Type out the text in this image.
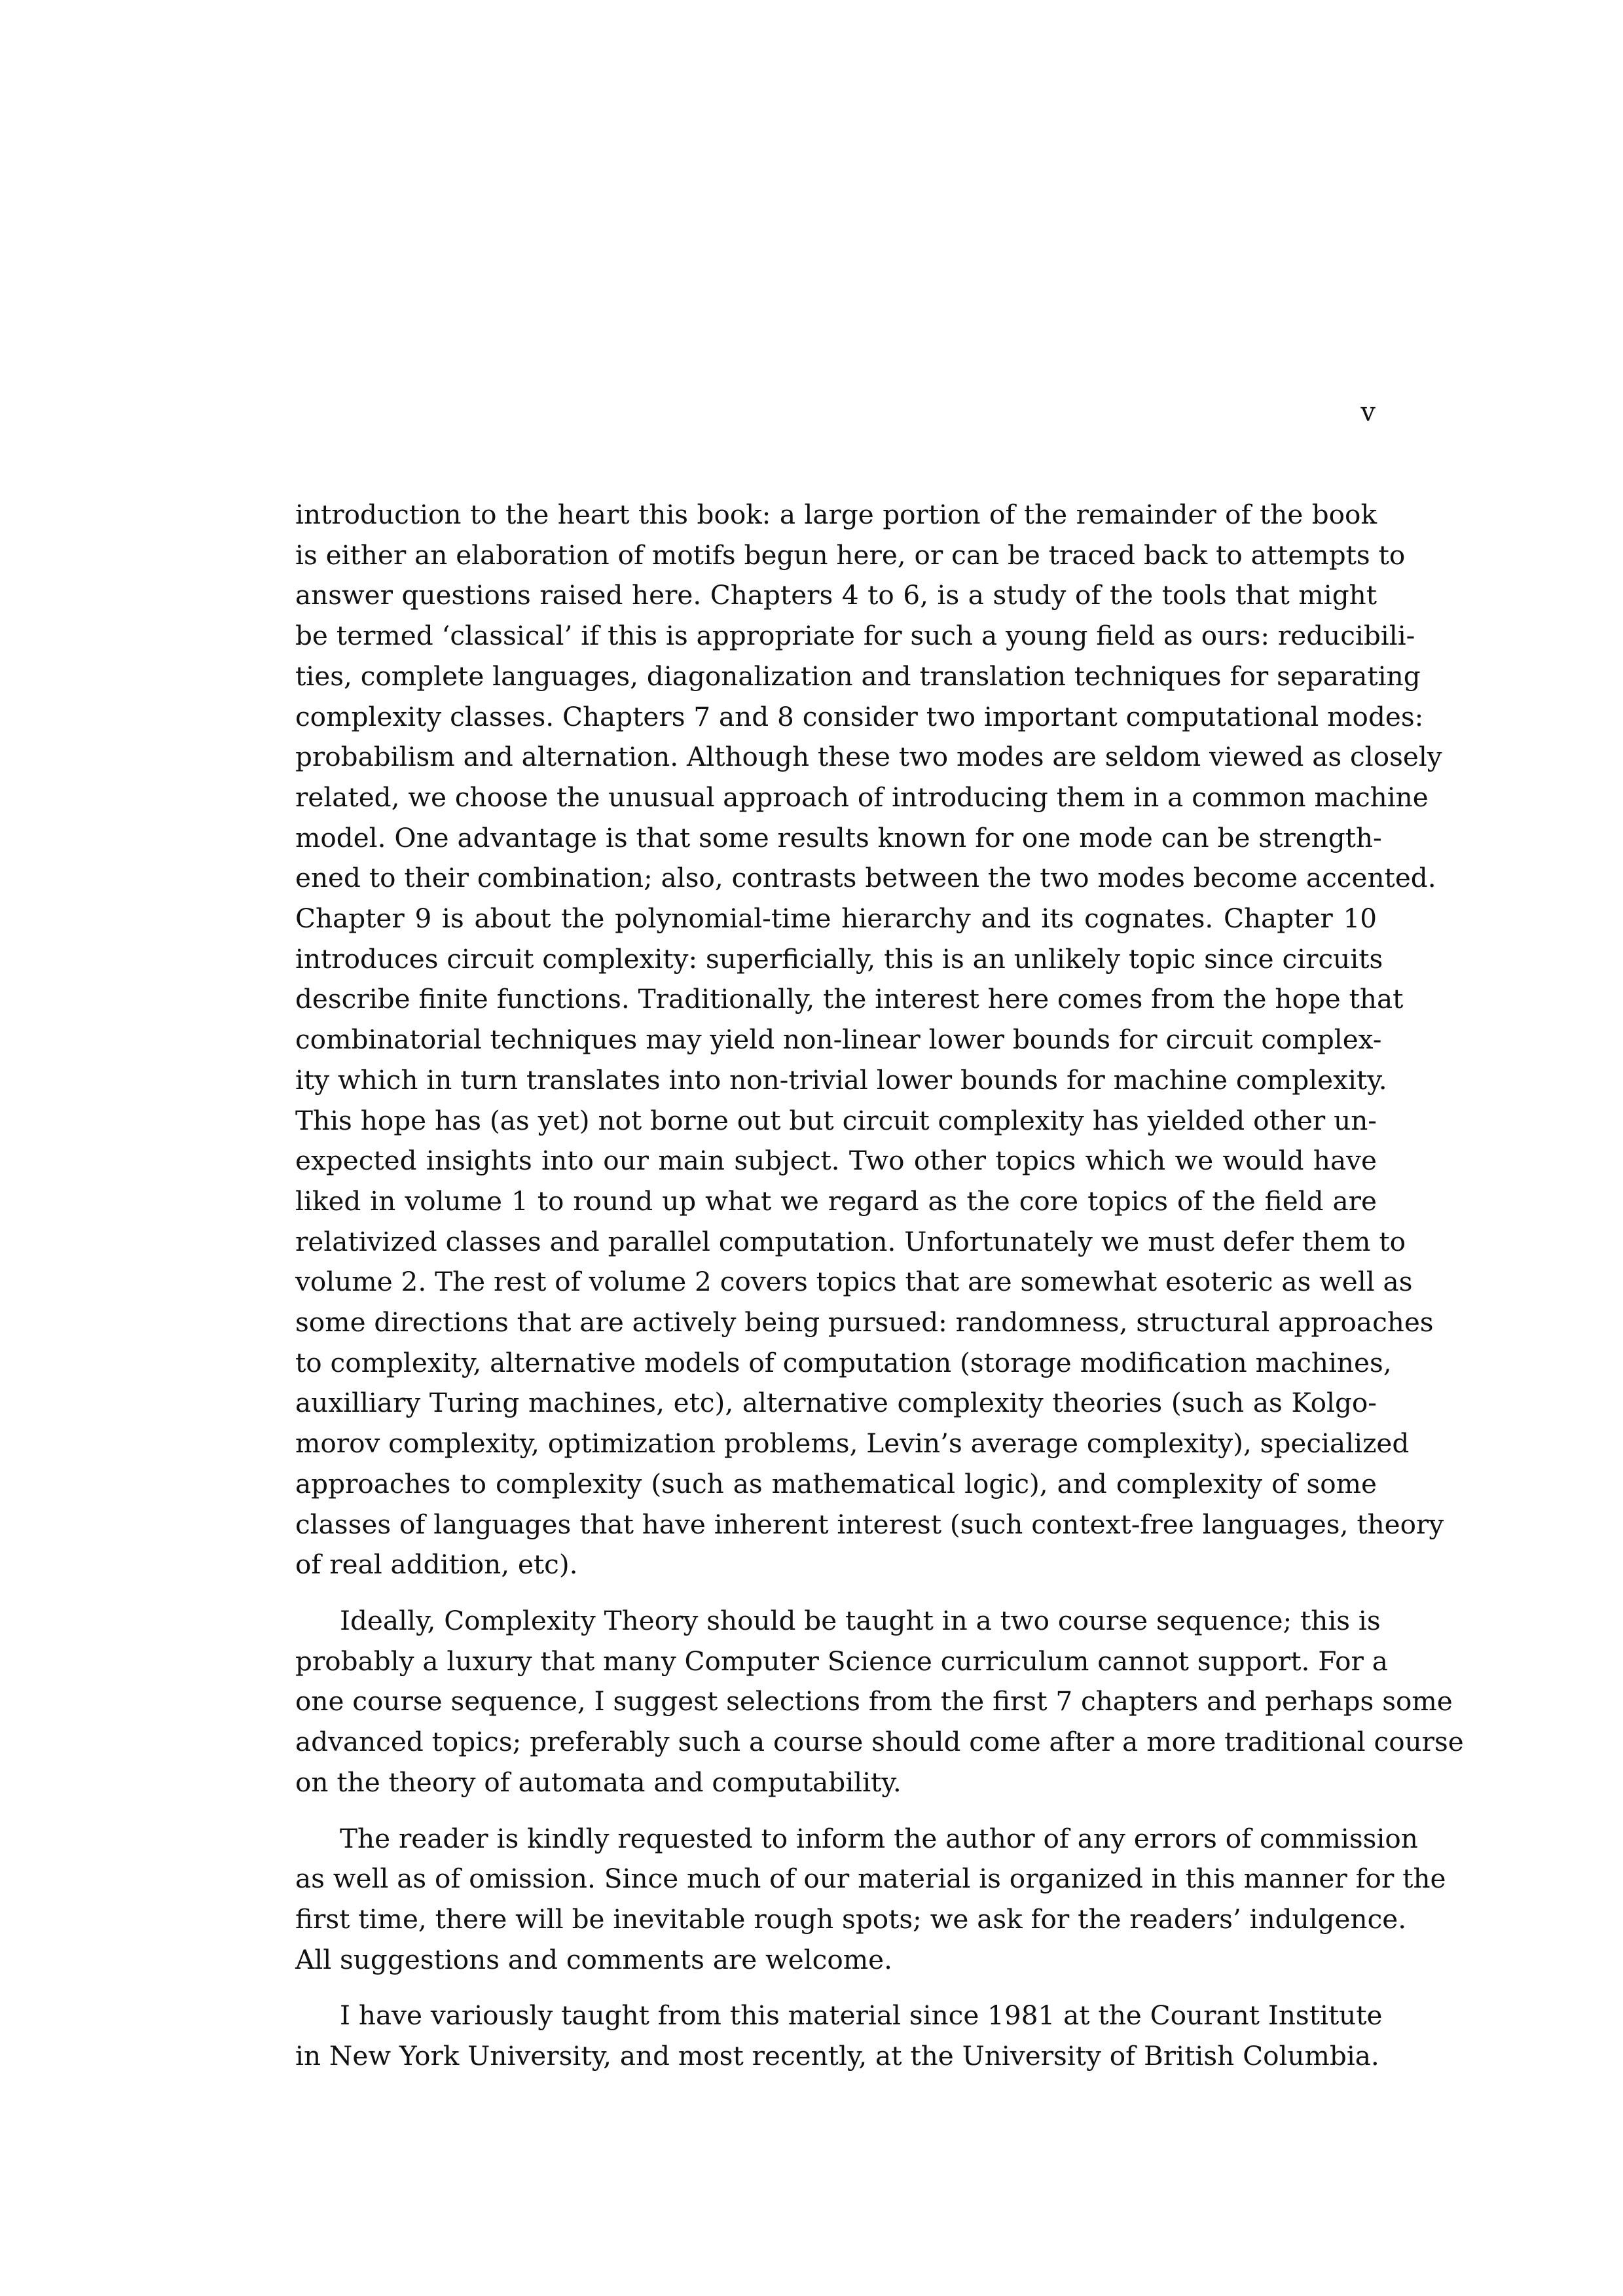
v
introduction to the heart this book: a large portion of the remainder of the book
is either an elaboration of motifs begun here, or can be traced back to attempts to
answer questions raised here. Chapters 4 to 6, is a study of the tools that might
be termed ‘classical’ if this is appropriate for such a young field as ours: reducibili-
ties, complete languages, diagonalization and translation techniques for separating
complexity classes. Chapters 7 and 8 consider two important computational modes:
probabilism and alternation. Although these two modes are seldom viewed as closely
related, we choose the unusual approach of introducing them in a common machine
model. One advantage is that some results known for one mode can be strength-
ened to their combination; also, contrasts between the two modes become accented.
Chapter 9 is about the polynomial-time hierarchy and its cognates. Chapter 10
introduces circuit complexity: superficially, this is an unlikely topic since circuits
describe finite functions. Traditionally, the interest here comes from the hope that
combinatorial techniques may yield non-linear lower bounds for circuit complex-
ity which in turn translates into non-trivial lower bounds for machine complexity.
This hope has (as yet) not borne out but circuit complexity has yielded other un-
expected insights into our main subject. Two other topics which we would have
liked in volume 1 to round up what we regard as the core topics of the field are
relativized classes and parallel computation. Unfortunately we must defer them to
volume 2. The rest of volume 2 covers topics that are somewhat esoteric as well as
some directions that are actively being pursued: randomness, structural approaches
to complexity, alternative models of computation (storage modification machines,
auxilliary Turing machines, etc), alternative complexity theories (such as Kolgo-
morov complexity, optimization problems, Levin’s average complexity), specialized
approaches to complexity (such as mathematical logic), and complexity of some
classes of languages that have inherent interest (such context-free languages, theory
of real addition, etc).
Ideally, Complexity Theory should be taught in a two course sequence; this is
probably a luxury that many Computer Science curriculum cannot support. For a
one course sequence, I suggest selections from the first 7 chapters and perhaps some
advanced topics; preferably such a course should come after a more traditional course
on the theory of automata and computability.
The reader is kindly requested to inform the author of any errors of commission
as well as of omission. Since much of our material is organized in this manner for the
first time, there will be inevitable rough spots; we ask for the readers’ indulgence.
All suggestions and comments are welcome.
I have variously taught from this material since 1981 at the Courant Institute
in New York University, and most recently, at the University of British Columbia.
